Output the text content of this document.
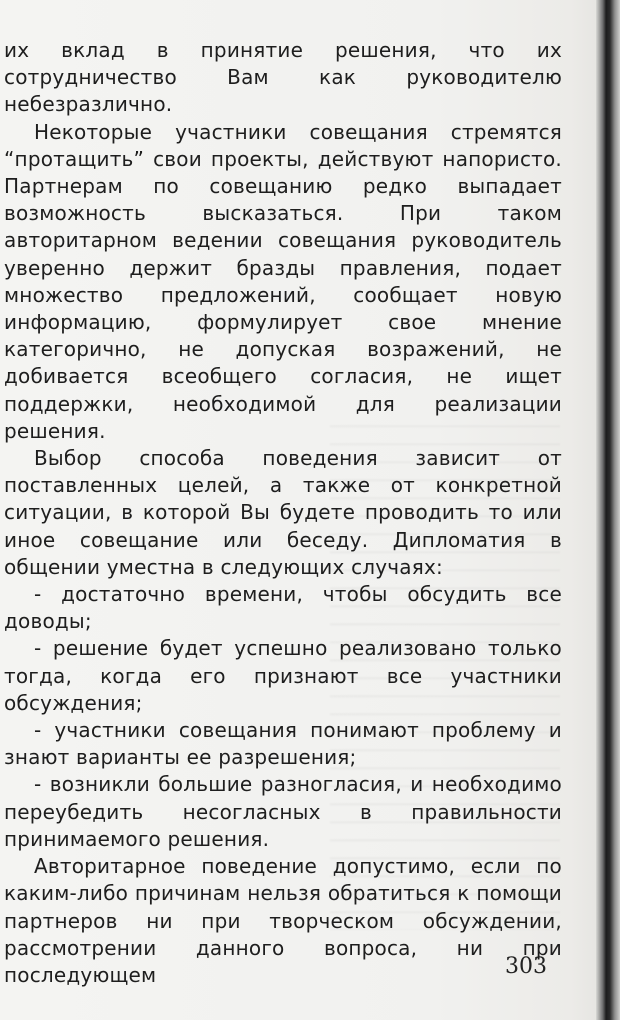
их вклад в принятие решения, что их сотрудничество Вам как руководителю небезразлично.

Некоторые участники совещания стремятся “протащить” свои проекты, действуют напористо. Партнерам по совещанию редко выпадает возможность высказаться. При таком авторитарном ведении совещания руководитель уверенно держит бразды правления, подает множество предложений, сообщает новую информацию, формулирует свое мнение категорично, не допуская возражений, не добивается всеобщего согласия, не ищет поддержки, необходимой для реализации решения.

Выбор способа поведения зависит от поставленных целей, а также от конкретной ситуации, в которой Вы будете проводить то или иное совещание или беседу. Дипломатия в общении уместна в следующих случаях:

- достаточно времени, чтобы обсудить все доводы;

- решение будет успешно реализовано только тогда, когда его признают все участники обсуждения;

- участники совещания понимают проблему и знают варианты ее разрешения;

- возникли большие разногласия, и необходимо переубедить несогласных в правильности принимаемого решения.

Авторитарное поведение допустимо, если по каким-либо причинам нельзя обратиться к помощи партнеров ни при творческом обсуждении, рассмотрении данного вопроса, ни при последующем	303
